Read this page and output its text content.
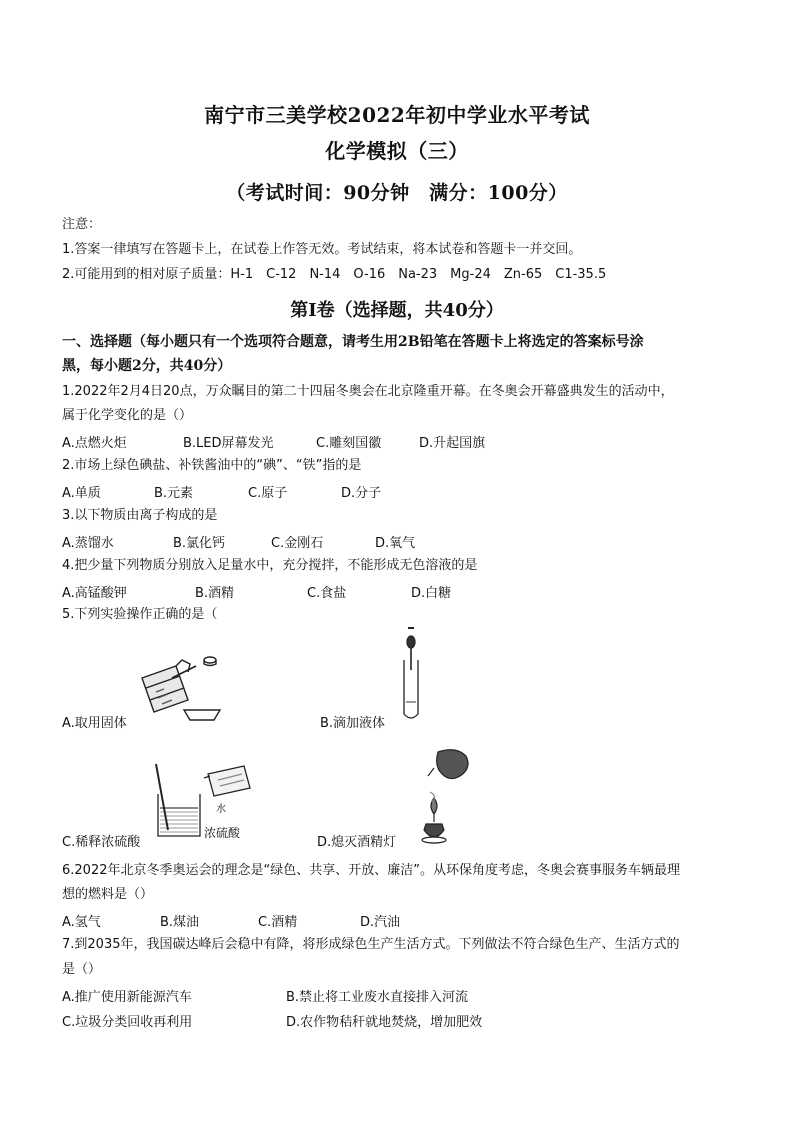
南宁市三美学校2022年初中学业水平考试
化学模拟（三）
（考试时间：90分钟　满分：100分）
注意：
1.答案一律填写在答题卡上，在试卷上作答无效。考试结束，将本试卷和答题卡一并交回。
2.可能用到的相对原子质量：H-1　C-12　N-14　O-16　Na-23　Mg-24　Zn-65　C1-35.5
第Ⅰ卷（选择题，共40分）
一、选择题（每小题只有一个选项符合题意，请考生用2B铅笔在答题卡上将选定的答案标号涂
黑，每小题2分，共40分）
1.2022年2月4日20点，万众瞩目的第二十四届冬奥会在北京隆重开幕。在冬奥会开幕盛典发生的活动中，
属于化学变化的是（）
A.点燃火炬	B.LED屏幕发光	C.雕刻国徽	D.升起国旗
2.市场上绿色碘盐、补铁酱油中的“碘”、“铁”指的是
A.单质	B.元素	C.原子	D.分子
3.以下物质由离子构成的是
A.蒸馏水	B.氯化钙	C.金刚石	D.氧气
4.把少量下列物质分别放入足量水中，充分搅拌，不能形成无色溶液的是
A.高锰酸钾	B.酒精	C.食盐	D.白糖
5.下列实验操作正确的是（
A.取用固体	B.滴加液体
水
浓硫酸
C.稀释浓硫酸	D.熄灭酒精灯
6.2022年北京冬季奥运会的理念是“绿色、共享、开放、廉洁”。从环保角度考虑，冬奥会赛事服务车辆最理
想的燃料是（）
A.氢气	B.煤油	C.酒精	D.汽油
7.到2035年，我国碳达峰后会稳中有降，将形成绿色生产生活方式。下列做法不符合绿色生产、生活方式的
是（）
A.推广使用新能源汽车	B.禁止将工业废水直接排入河流
C.垃圾分类回收再利用	D.农作物秸秆就地焚烧，增加肥效
